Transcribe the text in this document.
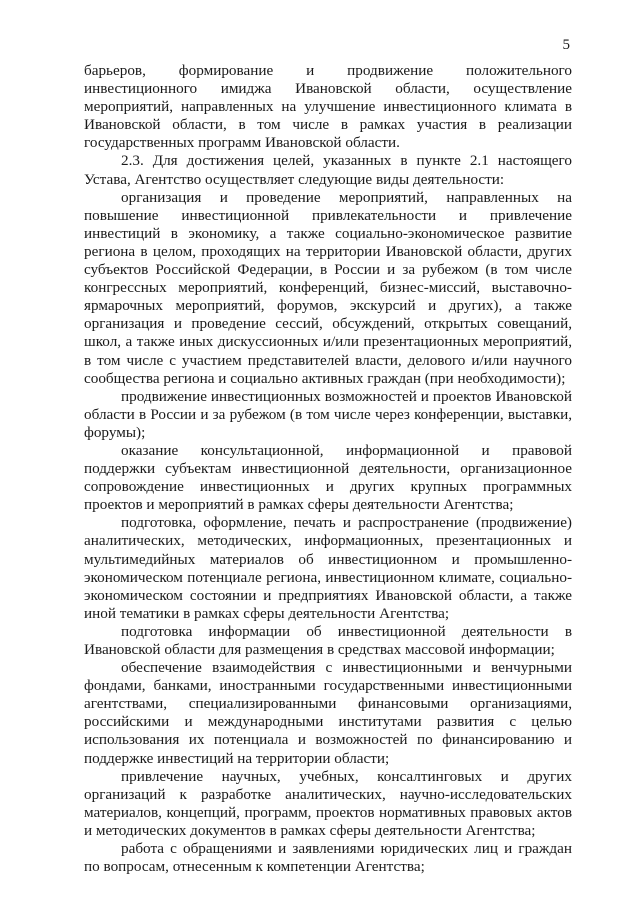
5

барьеров, формирование и продвижение положительного инвестиционного имиджа Ивановской области, осуществление мероприятий, направленных на улучшение инвестиционного климата в Ивановской области, в том числе в рамках участия в реализации государственных программ Ивановской области.

2.3. Для достижения целей, указанных в пункте 2.1 настоящего Устава, Агентство осуществляет следующие виды деятельности:

организация и проведение мероприятий, направленных на повышение инвестиционной привлекательности и привлечение инвестиций в экономику, а также социально-экономическое развитие региона в целом, проходящих на территории Ивановской области, других субъектов Российской Федерации, в России и за рубежом (в том числе конгрессных мероприятий, конференций, бизнес-миссий, выставочно-ярмарочных мероприятий, форумов, экскурсий и других), а также организация и проведение сессий, обсуждений, открытых совещаний, школ, а также иных дискуссионных и/или презентационных мероприятий, в том числе с участием представителей власти, делового и/или научного сообщества региона и социально активных граждан (при необходимости);

продвижение инвестиционных возможностей и проектов Ивановской области в России и за рубежом (в том числе через конференции, выставки, форумы);

оказание консультационной, информационной и правовой поддержки субъектам инвестиционной деятельности, организационное сопровождение инвестиционных и других крупных программных проектов и мероприятий в рамках сферы деятельности Агентства;

подготовка, оформление, печать и распространение (продвижение) аналитических, методических, информационных, презентационных и мультимедийных материалов об инвестиционном и промышленно-экономическом потенциале региона, инвестиционном климате, социально-экономическом состоянии и предприятиях Ивановской области, а также иной тематики в рамках сферы деятельности Агентства;

подготовка информации об инвестиционной деятельности в Ивановской области для размещения в средствах массовой информации;

обеспечение взаимодействия с инвестиционными и венчурными фондами, банками, иностранными государственными инвестиционными агентствами, специализированными финансовыми организациями, российскими и международными институтами развития с целью использования их потенциала и возможностей по финансированию и поддержке инвестиций на территории области;

привлечение научных, учебных, консалтинговых и других организаций к разработке аналитических, научно-исследовательских материалов, концепций, программ, проектов нормативных правовых актов и методических документов в рамках сферы деятельности Агентства;

работа с обращениями и заявлениями юридических лиц и граждан по вопросам, отнесенным к компетенции Агентства;
